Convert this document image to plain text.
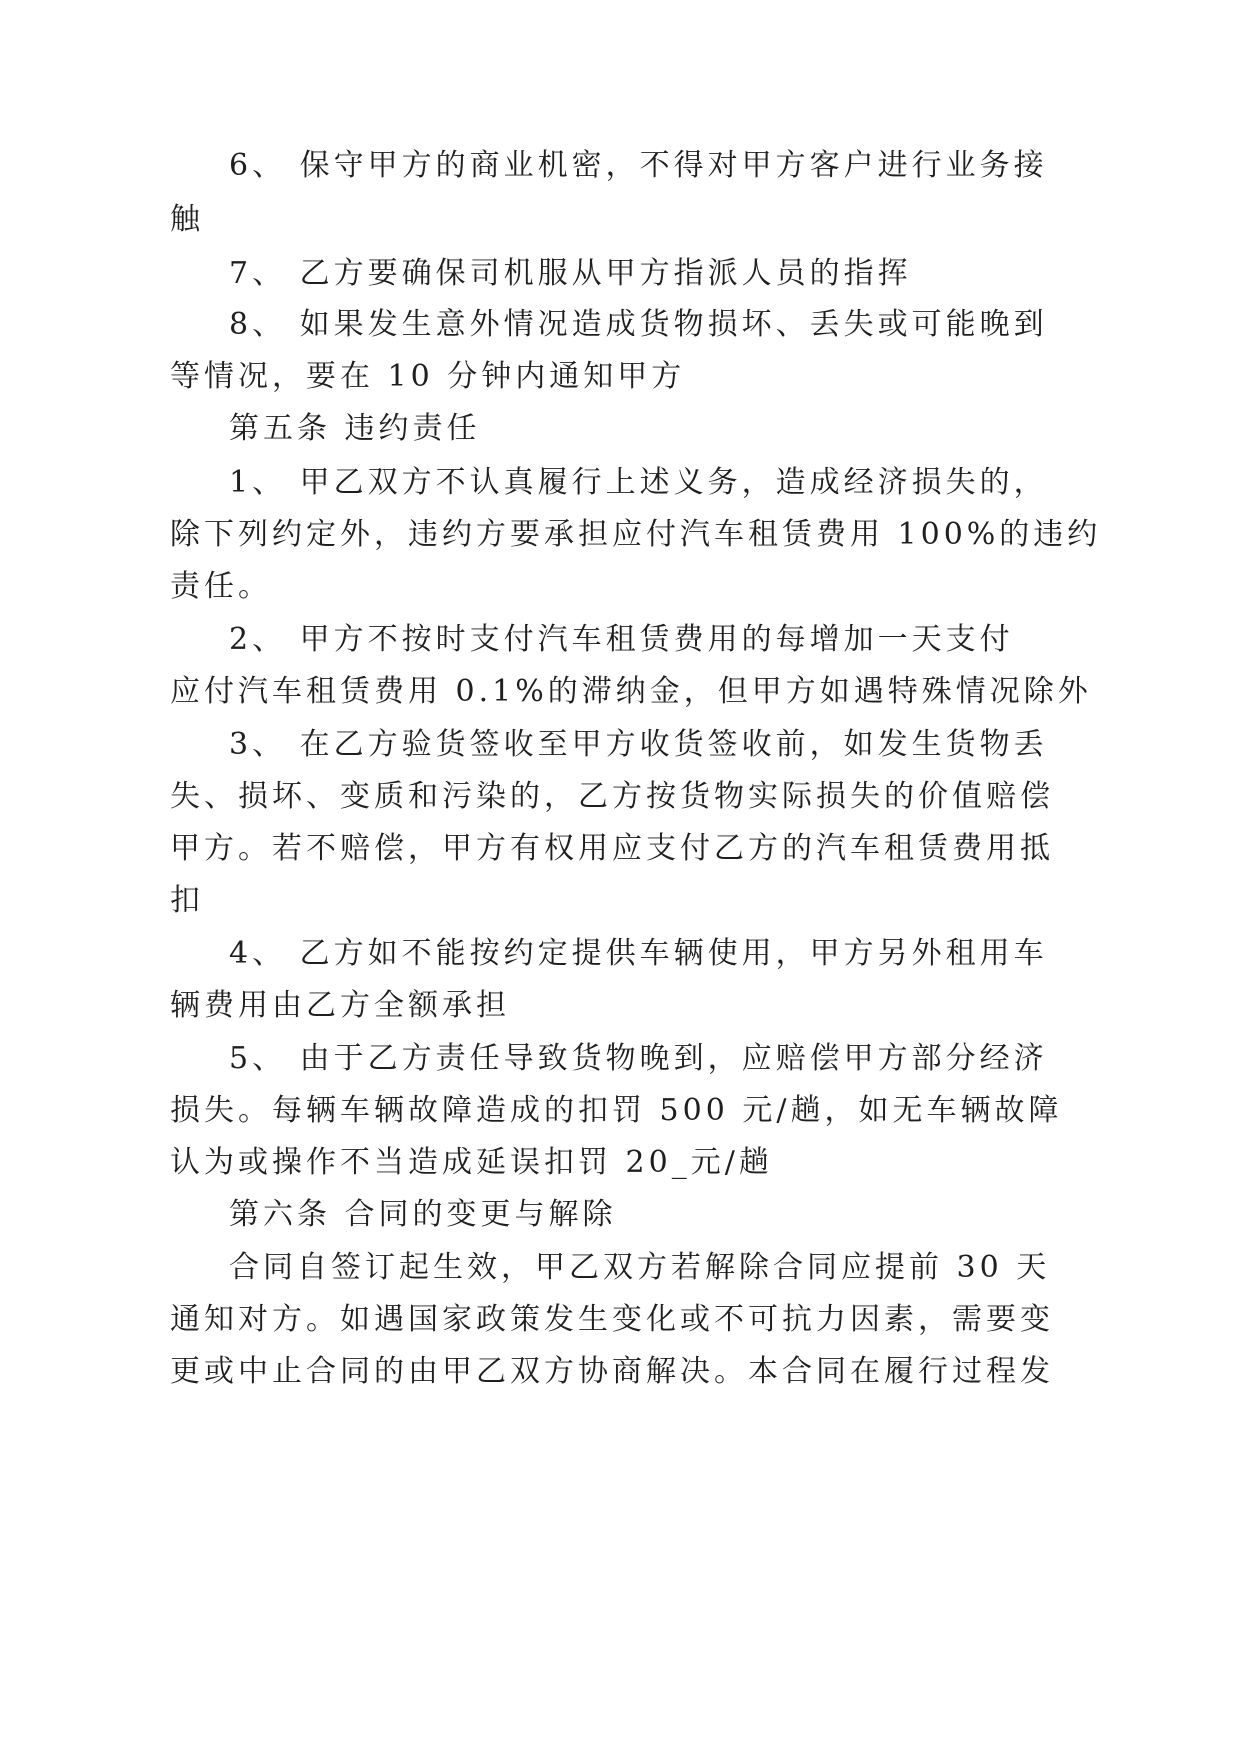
6、 保守甲方的商业机密，不得对甲方客户进行业务接
触
7、 乙方要确保司机服从甲方指派人员的指挥
8、 如果发生意外情况造成货物损坏、丢失或可能晚到
等情况，要在 10 分钟内通知甲方
第五条 违约责任
1、 甲乙双方不认真履行上述义务，造成经济损失的，
除下列约定外，违约方要承担应付汽车租赁费用 100%的违约
责任。
2、 甲方不按时支付汽车租赁费用的每增加一天支付
应付汽车租赁费用 0.1%的滞纳金，但甲方如遇特殊情况除外
3、 在乙方验货签收至甲方收货签收前，如发生货物丢
失、损坏、变质和污染的，乙方按货物实际损失的价值赔偿
甲方。若不赔偿，甲方有权用应支付乙方的汽车租赁费用抵
扣
4、 乙方如不能按约定提供车辆使用，甲方另外租用车
辆费用由乙方全额承担
5、 由于乙方责任导致货物晚到，应赔偿甲方部分经济
损失。每辆车辆故障造成的扣罚 500 元/趟，如无车辆故障
认为或操作不当造成延误扣罚 20_元/趟
第六条 合同的变更与解除
合同自签订起生效，甲乙双方若解除合同应提前 30 天
通知对方。如遇国家政策发生变化或不可抗力因素，需要变
更或中止合同的由甲乙双方协商解决。本合同在履行过程发
